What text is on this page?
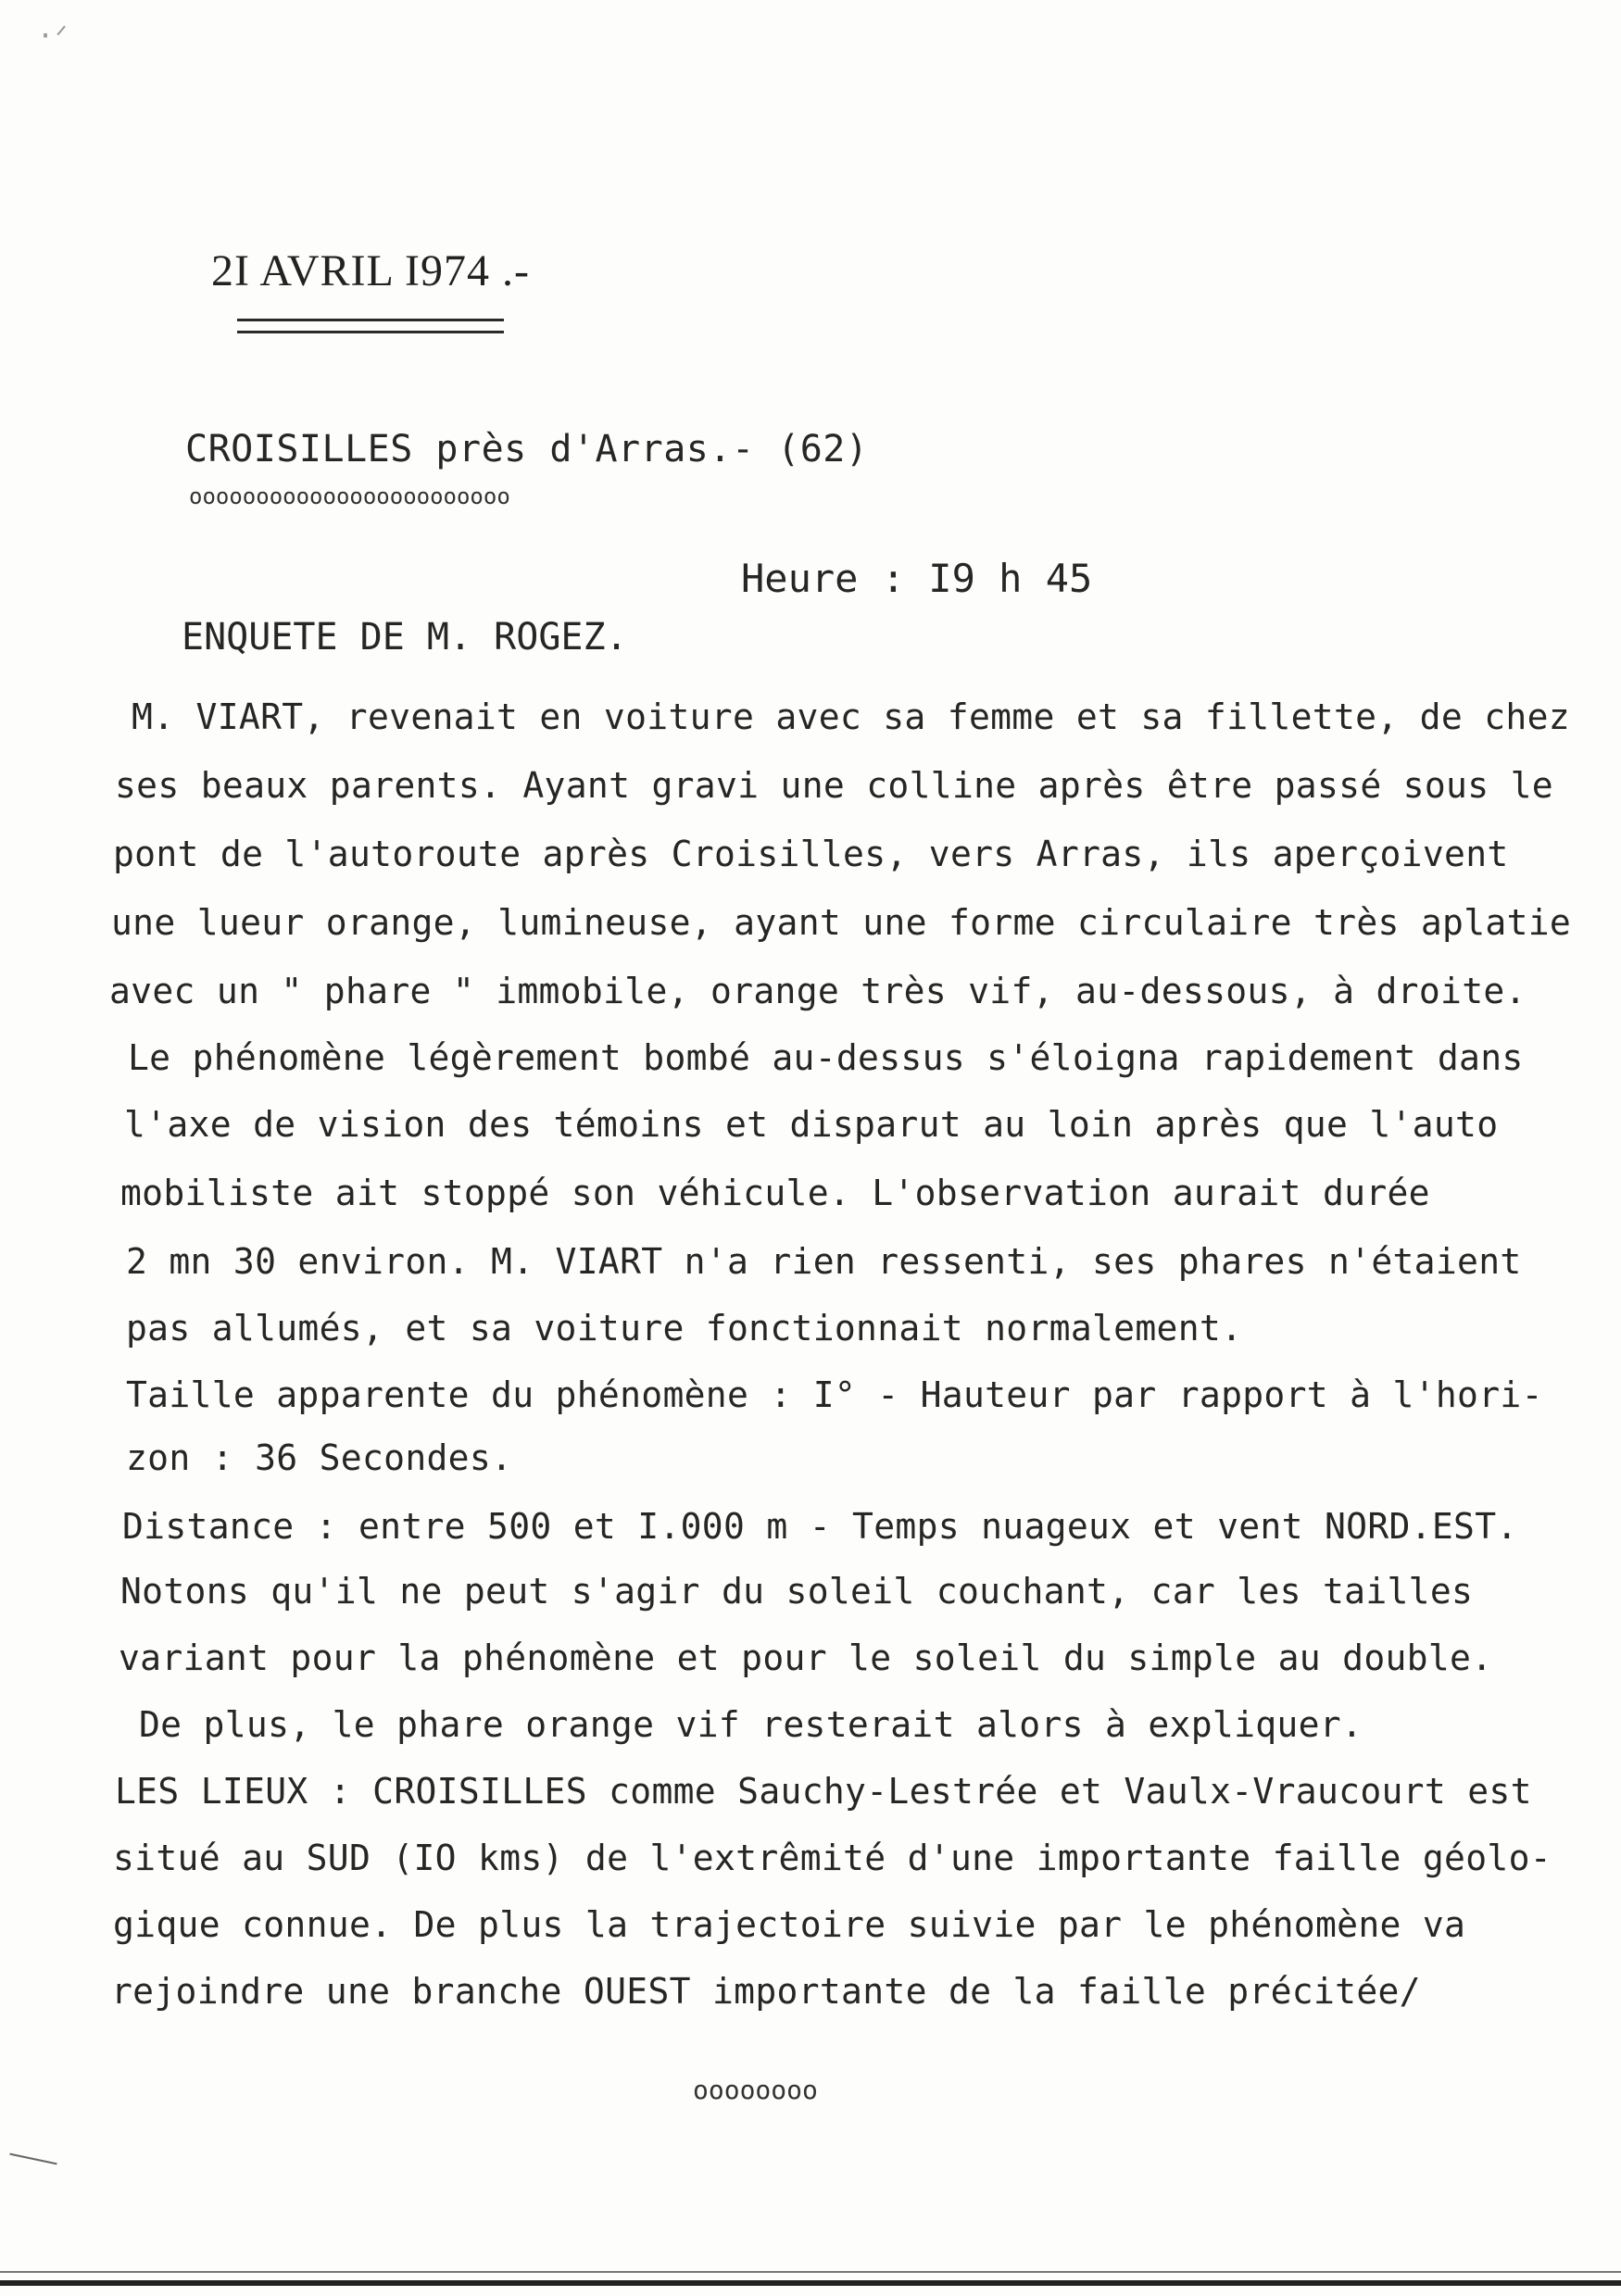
·ᐟ
2I AVRIL I974 .-
CROISILLES près d'Arras.- (62)
oooooooooooooooooooooooo
Heure : I9 h 45
ENQUETE DE M. ROGEZ.
M. VIART, revenait en voiture avec sa femme et sa fillette, de chez
ses beaux parents. Ayant gravi une colline après être passé sous le
pont de l'autoroute après Croisilles, vers Arras, ils aperçoivent
une lueur orange, lumineuse, ayant une forme circulaire très aplatie
avec un " phare " immobile, orange très vif, au-dessous, à droite.
Le phénomène légèrement bombé au-dessus s'éloigna rapidement dans
l'axe de vision des témoins et disparut au loin après que l'auto
mobiliste ait stoppé son véhicule. L'observation aurait durée
2 mn 30 environ. M. VIART n'a rien ressenti, ses phares n'étaient
pas allumés, et sa voiture fonctionnait normalement.
Taille apparente du phénomène : I° - Hauteur par rapport à l'hori-
zon : 36 Secondes.
Distance : entre 500 et I.000 m - Temps nuageux et vent NORD.EST.
Notons qu'il ne peut s'agir du soleil couchant, car les tailles
variant pour la phénomène et pour le soleil du simple au double.
De plus, le phare orange vif resterait alors à expliquer.
LES LIEUX : CROISILLES comme Sauchy-Lestrée et Vaulx-Vraucourt est
situé au SUD (IO kms) de l'extrêmité d'une importante faille géolo-
gique connue. De plus la trajectoire suivie par le phénomène va
rejoindre une branche OUEST importante de la faille précitée/
oooooooo
